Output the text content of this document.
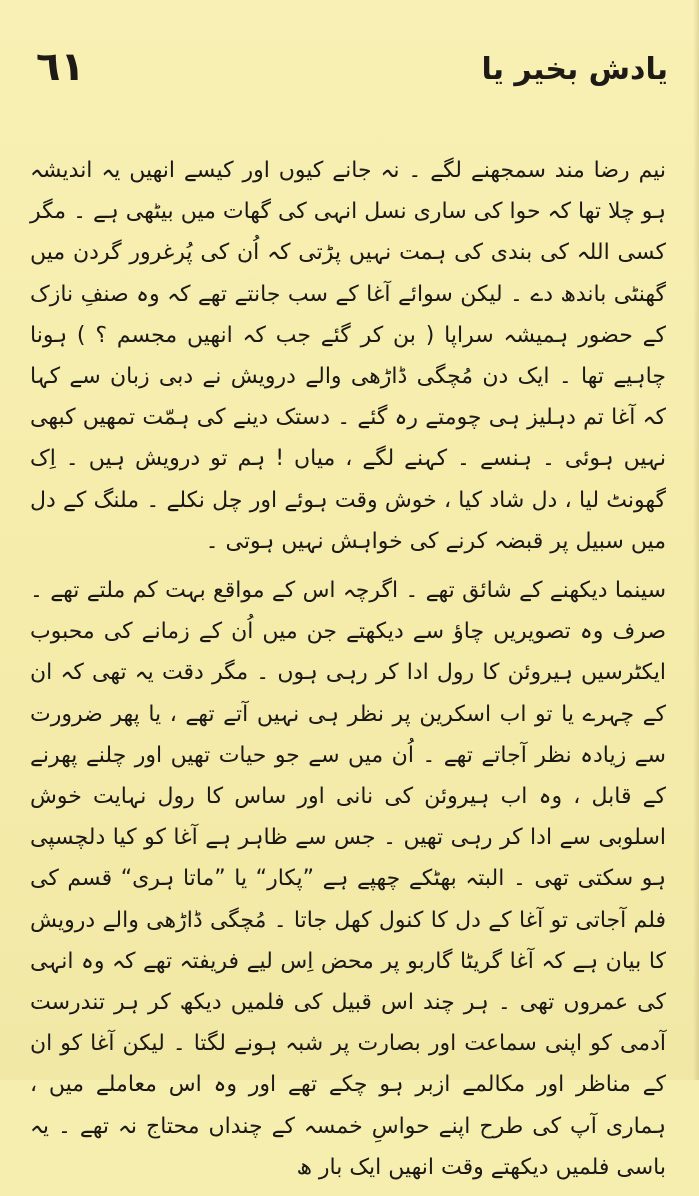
٦١	یادش بخیر یا

نیم رضا مند سمجھنے لگے ۔ نہ جانے کیوں اور کیسے انھیں یہ اندیشہ ہو چلا تھا کہ حوا کی ساری نسل انہی کی گھات میں بیٹھی ہے ۔ مگر کسی اللہ کی بندی کی ہمت نہیں پڑتی کہ اُن کی پُرغرور گردن میں گھنٹی باندھ دے ۔ لیکن سوائے آغا کے سب جانتے تھے کہ وہ صنفِ نازک کے حضور ہمیشہ سراپا ( بن کر گئے جب کہ انھیں مجسم ؟ ) ہونا چاہیے تھا ۔ ایک دن مُچگی ڈاڑھی والے درویش نے دبی زبان سے کہا کہ آغا تم دہلیز ہی چومتے رہ گئے ۔ دستک دینے کی ہمّت تمھیں کبھی نہیں ہوئی ۔ ہنسے ۔ کہنے لگے ، میاں ! ہم تو درویش ہیں ۔ اِک گھونٹ لیا ، دل شاد کیا ، خوش وقت ہوئے اور چل نکلے ۔ ملنگ کے دل میں سبیل پر قبضہ کرنے کی خواہش نہیں ہوتی ۔

سینما دیکھنے کے شائق تھے ۔ اگرچہ اس کے مواقع بہت کم ملتے تھے ۔ صرف وہ تصویریں چاؤ سے دیکھتے جن میں اُن کے زمانے کی محبوب ایکٹرسیں ہیروئن کا رول ادا کر رہی ہوں ۔ مگر دقت یہ تھی کہ ان کے چہرے یا تو اب اسکرین پر نظر ہی نہیں آتے تھے ، یا پھر ضرورت سے زیادہ نظر آجاتے تھے ۔ اُن میں سے جو حیات تھیں اور چلنے پھرنے کے قابل ، وہ اب ہیروئن کی نانی اور ساس کا رول نہایت خوش اسلوبی سے ادا کر رہی تھیں ۔ جس سے ظاہر ہے آغا کو کیا دلچسپی ہو سکتی تھی ۔ البتہ بھٹکے چھپے ہے ”پکار“ یا ”ماتا ہری“ قسم کی فلم آجاتی تو آغا کے دل کا کنول کھل جاتا ۔ مُچگی ڈاڑھی والے درویش کا بیان ہے کہ آغا گریٹا گاربو پر محض اِس لیے فریفتہ تھے کہ وہ انہی کی عمروں تھی ۔ ہر چند اس قبیل کی فلمیں دیکھ کر ہر تندرست آدمی کو اپنی سماعت اور بصارت پر شبہ ہونے لگتا ۔ لیکن آغا کو ان کے مناظر اور مکالمے ازبر ہو چکے تھے اور وہ اس معاملے میں ، ہماری آپ کی طرح اپنے حواسِ خمسہ کے چنداں محتاج نہ تھے ۔ یہ باسی فلمیں دیکھتے وقت انھیں ایک بار ھ
